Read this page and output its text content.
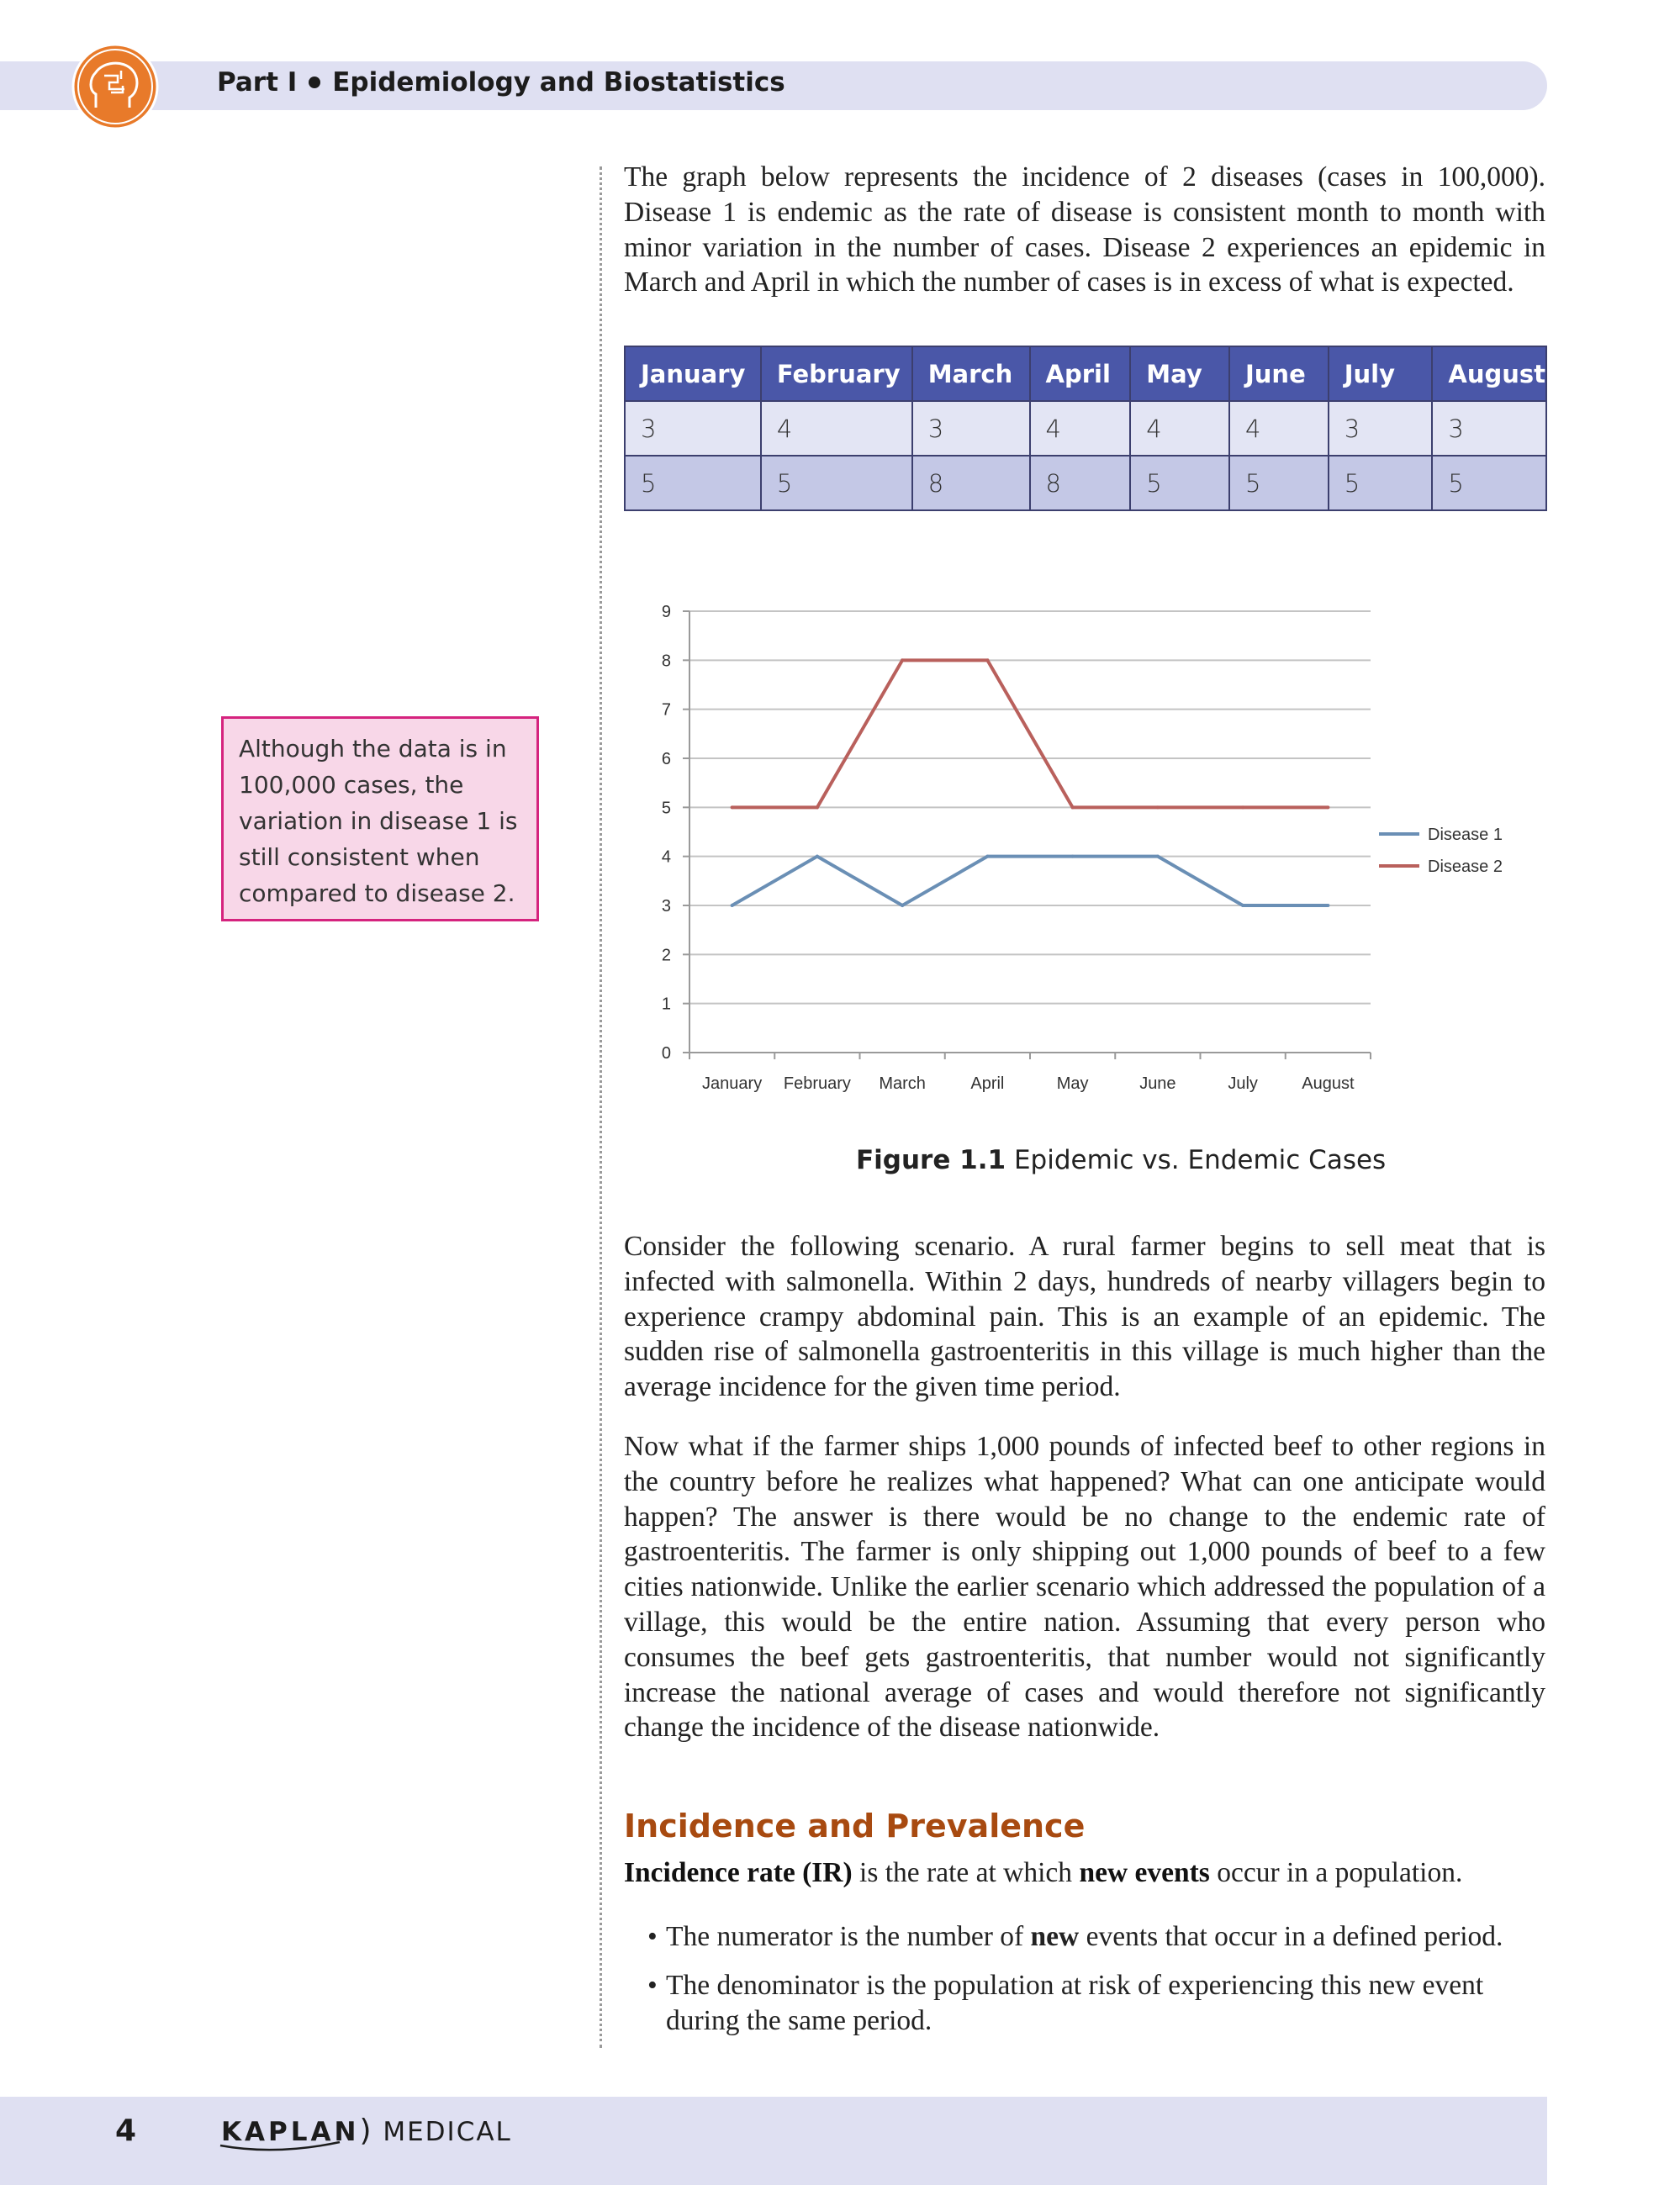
Part I Epidemiology and Biostatistics

The graph below represents the incidence of 2 diseases (cases in 100,000). Disease 1 is endemic as the rate of disease is consistent month to month with minor variation in the number of cases. Disease 2 experiences an epidemic in March and April in which the number of cases is in excess of what is expected.

January	February	March	April	May	June	July	August
3	4	3	4	4	4	3	3
5	5	8	8	5	5	5	5
Although the data is in 100,000 cases, the variation in disease 1 is still consistent when compared to disease 2.
0
1
2
3
4
5
6
7
8
9
January February March	April	May	June	July	August
Disease 1
Disease 2
Figure 1.1 Epidemic vs. Endemic Cases

Consider the following scenario. A rural farmer begins to sell meat that is infected with salmonella. Within 2 days, hundreds of nearby villagers begin to experience crampy abdominal pain. This is an example of an epidemic. The sudden rise of salmonella gastroenteritis in this village is much higher than the average incidence for the given time period.

Now what if the farmer ships 1,000 pounds of infected beef to other regions in the country before he realizes what happened? What can one anticipate would happen? The answer is there would be no change to the endemic rate of gastroenteritis. The farmer is only shipping out 1,000 pounds of beef to a few cities nationwide. Unlike the earlier scenario which addressed the population of a village, this would be the entire nation. Assuming that every person who consumes the beef gets gastroenteritis, that number would not significantly increase the national average of cases and would therefore not significantly change the incidence of the disease nationwide.

Incidence and Prevalence

Incidence rate (IR) is the rate at which new events occur in a population.

• The numerator is the number of new events that occur in a defined period.
• The denominator is the population at risk of experiencing this new event during the same period.
4	KAPLAN) MEDICAL
